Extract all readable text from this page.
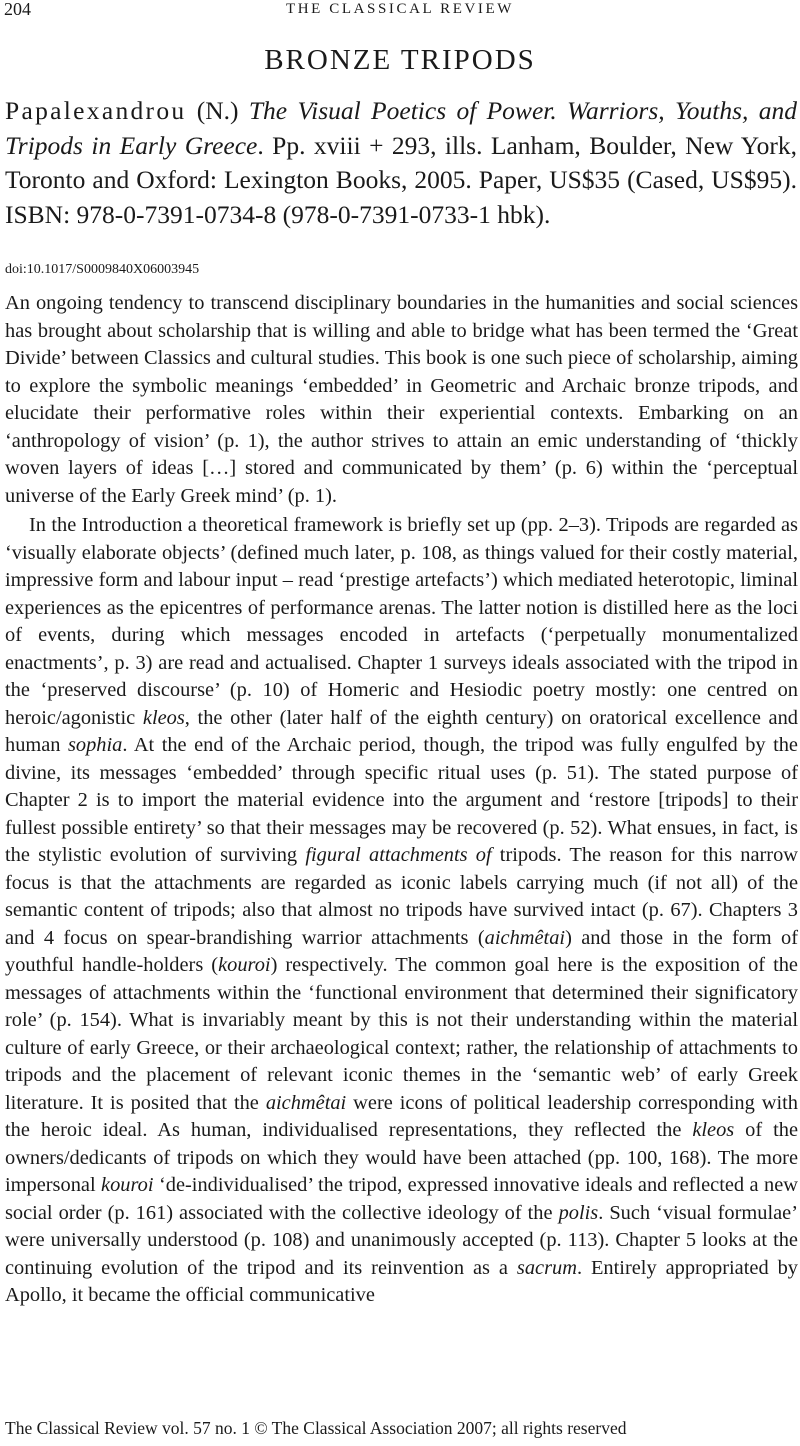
204	THE CLASSICAL REVIEW
BRONZE TRIPODS
Papalexandrou (N.) The Visual Poetics of Power. Warriors, Youths, and Tripods in Early Greece. Pp. xviii + 293, ills. Lanham, Boulder, New York, Toronto and Oxford: Lexington Books, 2005. Paper, US$35 (Cased, US$95). ISBN: 978-0-7391-0734-8 (978-0-7391-0733-1 hbk).
doi:10.1017/S0009840X06003945

An ongoing tendency to transcend disciplinary boundaries in the humanities and social sciences has brought about scholarship that is willing and able to bridge what has been termed the ‘Great Divide’ between Classics and cultural studies. This book is one such piece of scholarship, aiming to explore the symbolic meanings ‘embedded’ in Geometric and Archaic bronze tripods, and elucidate their performative roles within their experiential contexts. Embarking on an ‘anthropology of vision’ (p. 1), the author strives to attain an emic understanding of ‘thickly woven layers of ideas […] stored and communicated by them’ (p. 6) within the ‘perceptual universe of the Early Greek mind’ (p. 1).

In the Introduction a theoretical framework is briefly set up (pp. 2–3). Tripods are regarded as ‘visually elaborate objects’ (defined much later, p. 108, as things valued for their costly material, impressive form and labour input – read ‘prestige artefacts’) which mediated heterotopic, liminal experiences as the epicentres of performance arenas. The latter notion is distilled here as the loci of events, during which messages encoded in artefacts (‘perpetually monumentalized enactments’, p. 3) are read and actualised. Chapter 1 surveys ideals associated with the tripod in the ‘preserved discourse’ (p. 10) of Homeric and Hesiodic poetry mostly: one centred on heroic/agonistic kleos, the other (later half of the eighth century) on oratorical excellence and human sophia. At the end of the Archaic period, though, the tripod was fully engulfed by the divine, its messages ‘embedded’ through specific ritual uses (p. 51). The stated purpose of Chapter 2 is to import the material evidence into the argument and ‘restore [tripods] to their fullest possible entirety’ so that their messages may be recovered (p. 52). What ensues, in fact, is the stylistic evolution of surviving figural attachments of tripods. The reason for this narrow focus is that the attachments are regarded as iconic labels carrying much (if not all) of the semantic content of tripods; also that almost no tripods have survived intact (p. 67). Chapters 3 and 4 focus on spear-brandishing warrior attachments (aichmêtai) and those in the form of youthful handle-holders (kouroi) respectively. The common goal here is the exposition of the messages of attachments within the ‘functional environment that determined their significatory role’ (p. 154). What is invariably meant by this is not their understanding within the material culture of early Greece, or their archaeological context; rather, the relationship of attachments to tripods and the placement of relevant iconic themes in the ‘semantic web’ of early Greek literature. It is posited that the aichmêtai were icons of political leadership corresponding with the heroic ideal. As human, individualised representations, they reflected the kleos of the owners/dedicants of tripods on which they would have been attached (pp. 100, 168). The more impersonal kouroi ‘de-individualised’ the tripod, expressed innovative ideals and reflected a new social order (p. 161) associated with the collective ideology of the polis. Such ‘visual formulae’ were universally understood (p. 108) and unanimously accepted (p. 113). Chapter 5 looks at the continuing evolution of the tripod and its reinvention as a sacrum. Entirely appropriated by Apollo, it became the official communicative

The Classical Review vol. 57 no. 1 © The Classical Association 2007; all rights reserved
